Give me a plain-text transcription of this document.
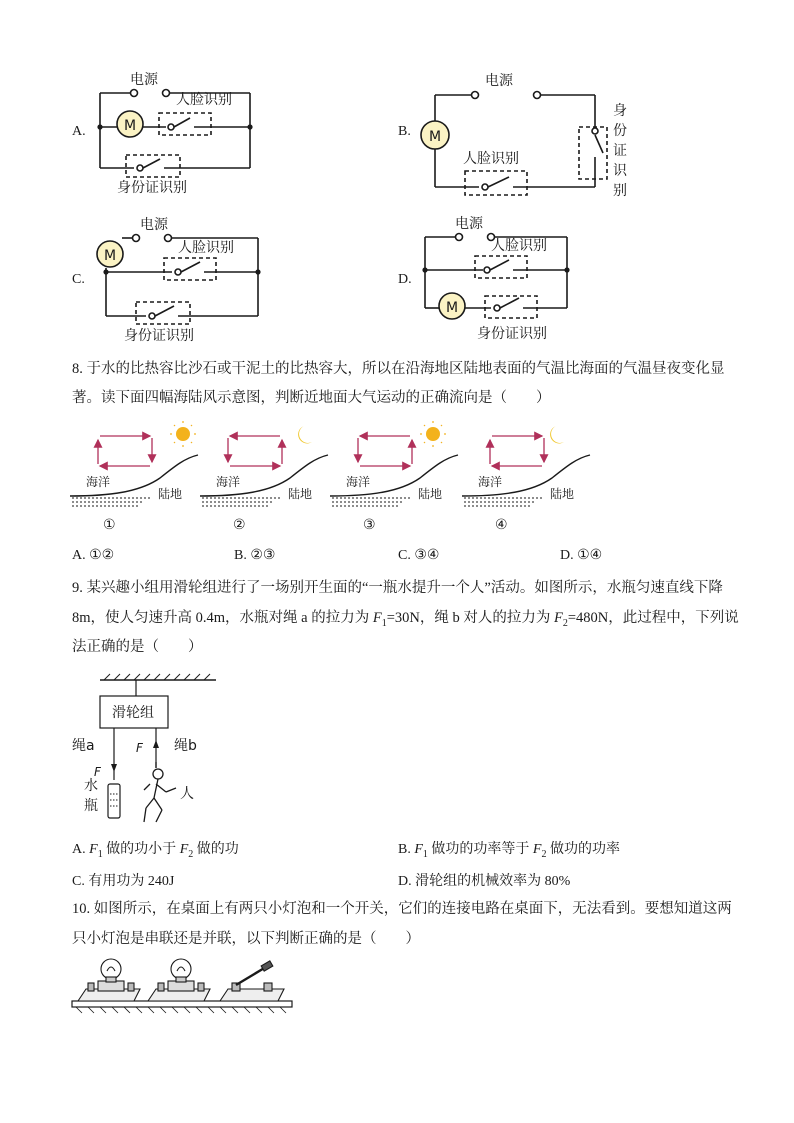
A.	M
电源
人脸识别
身份证识别
B. M
电源
人脸识别
身
份
证
识
别
C.
M
电源
人脸识别
身份证识别
D.
M
电源
人脸识别
身份证识别
8. 于水的比热容比沙石或干泥土的比热容大，所以在沿海地区陆地表面的气温比海面的气温昼夜变化显
著。读下面四幅海陆风示意图，判断近地面大气运动的正确流向是（　　）
海洋
陆地
①
海洋
陆地
②
海洋
陆地
③
海洋
陆地
④
A. ①②	B. ②③	C. ③④	D. ①④
9. 某兴趣小组用滑轮组进行了一场别开生面的“一瓶水提升一个人”活动。如图所示，水瓶匀速直线下降
8m，使人匀速升高 0.4m，水瓶对绳 a 的拉力为 $F_1=30N$，绳 b 对人的拉力为 $F_2=480N$，此过程中，下列说
法正确的是（　　）
滑轮组
绳a	绳b
F
F
水
瓶
人
A. $F_1$ 做的功小于 $F_2$ 做的功	B. $F_1$ 做功的功率等于 $F_2$ 做功的功率
C. 有用功为 240J	D. 滑轮组的机械效率为 80%
10. 如图所示，在桌面上有两只小灯泡和一个开关，它们的连接电路在桌面下，无法看到。要想知道这两
只小灯泡是串联还是并联，以下判断正确的是（　　）
